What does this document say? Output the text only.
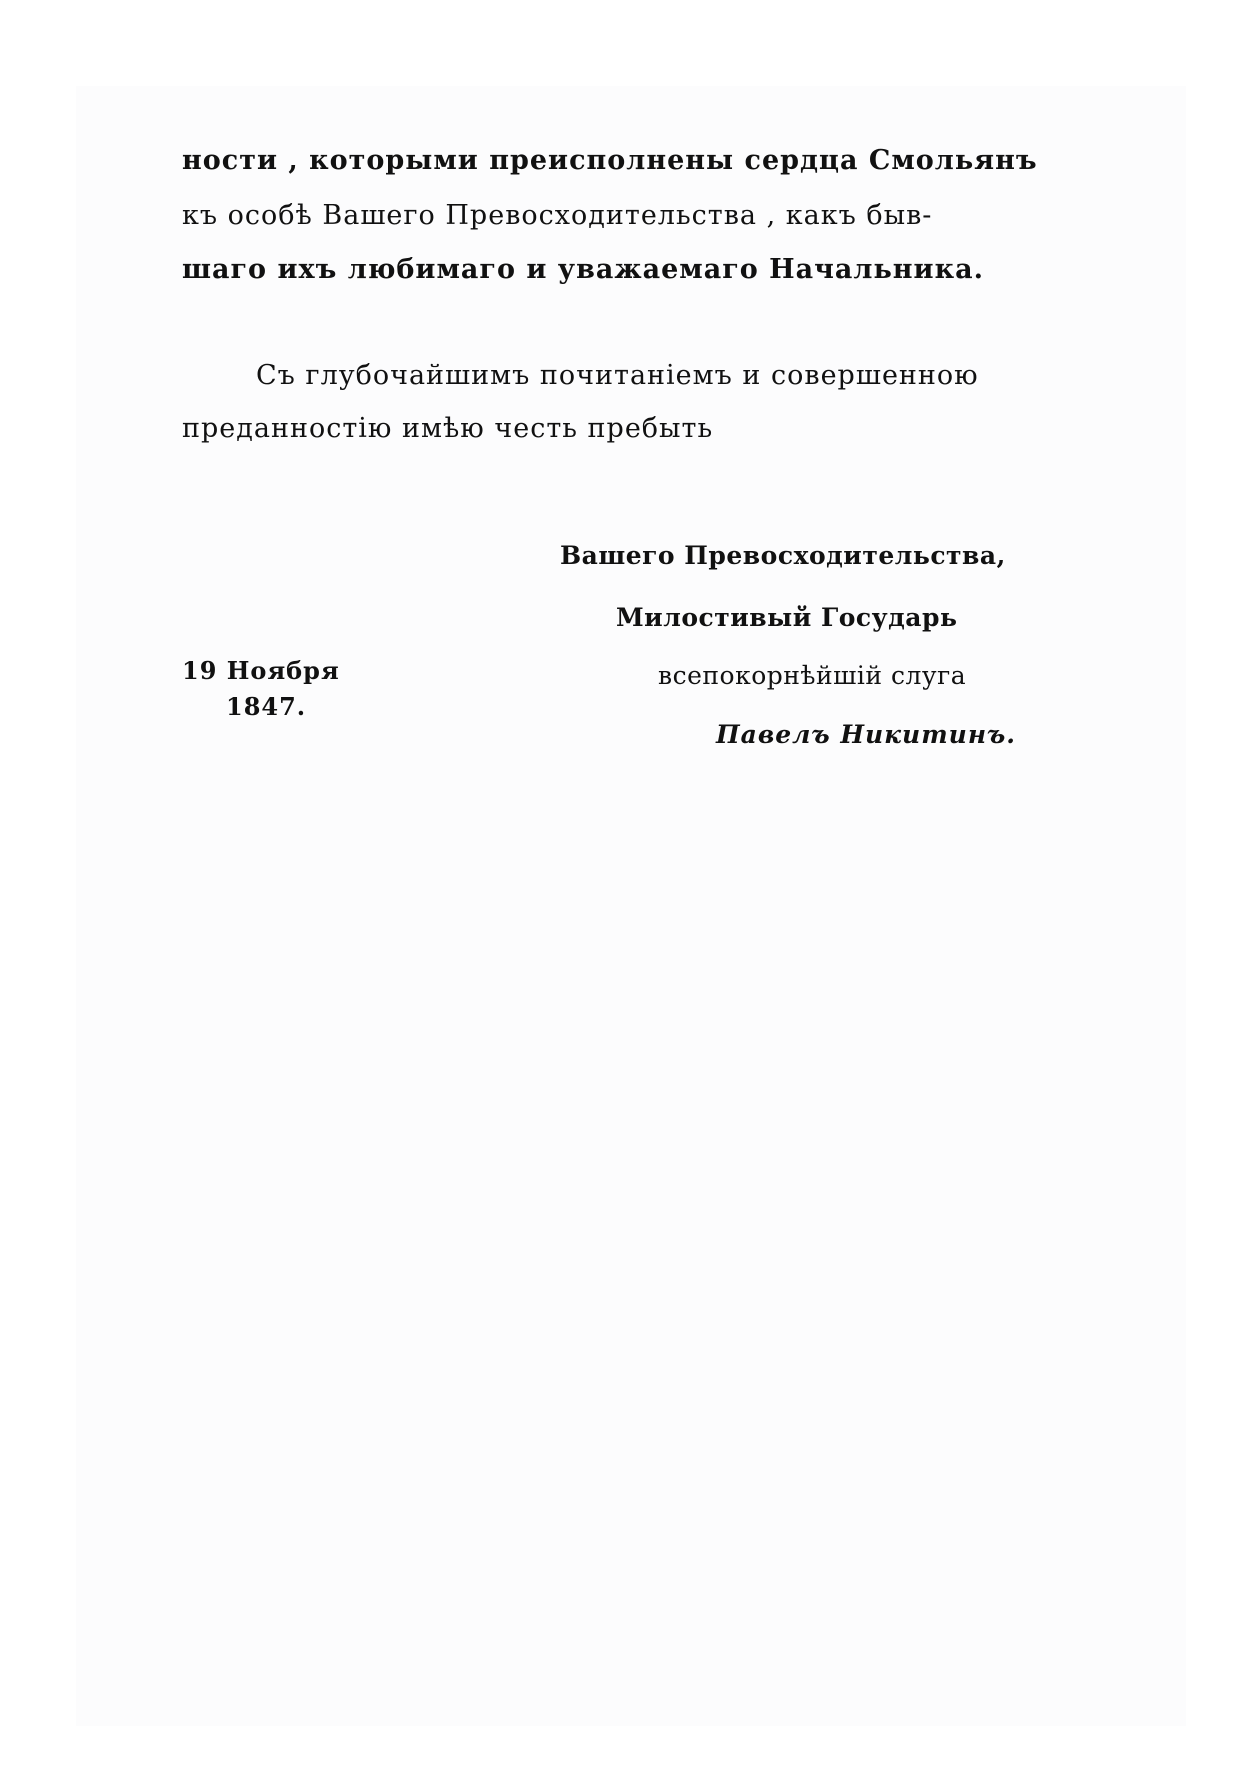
ности , которыми преисполнены сердца Смольянъ

къ особѣ Вашего Превосходительства , какъ быв-

шаго ихъ любимаго и уважаемаго Начальника.

Съ глубочайшимъ почитаніемъ и совершенною

преданностію имѣю честь пребыть

Вашего Превосходительства,

Милостивый Государь

всепокорнѣйшій слуга

Павелъ Никитинъ.

19 Ноября

1847.
